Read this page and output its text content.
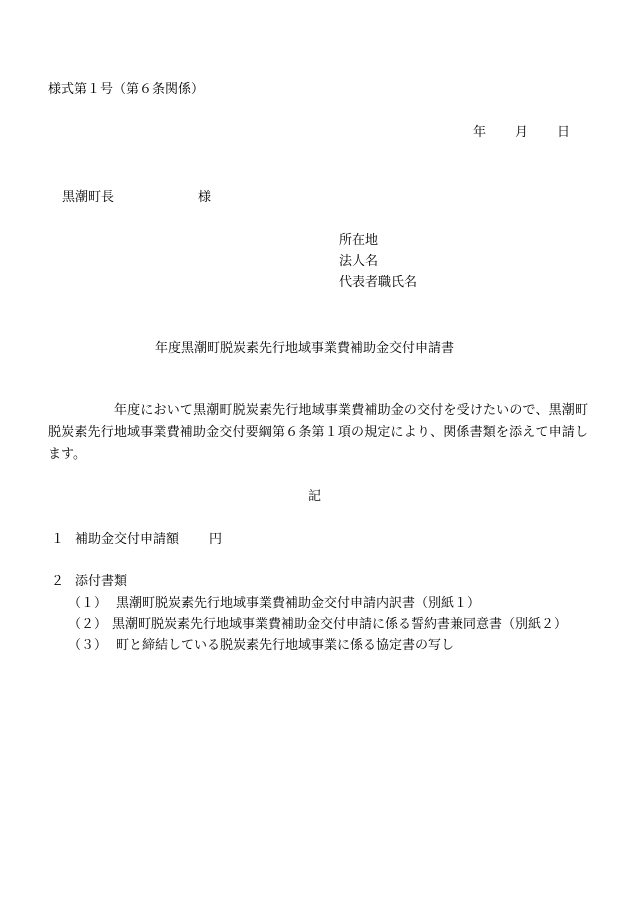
様式第１号（第６条関係）
年 月 日
黒潮町長	様
所在地
法人名
代表者職氏名
年度黒潮町脱炭素先行地域事業費補助金交付申請書
年度において黒潮町脱炭素先行地域事業費補助金の交付を受けたいので、黒潮町脱炭素先行地域事業費補助金交付要綱第６条第１項の規定により、関係書類を添えて申請します。
記
１ 補助金交付申請額 円
２ 添付書類
（１） 黒潮町脱炭素先行地域事業費補助金交付申請内訳書（別紙１）
（２） 黒潮町脱炭素先行地域事業費補助金交付申請に係る誓約書兼同意書（別紙２）
（３） 町と締結している脱炭素先行地域事業に係る協定書の写し
